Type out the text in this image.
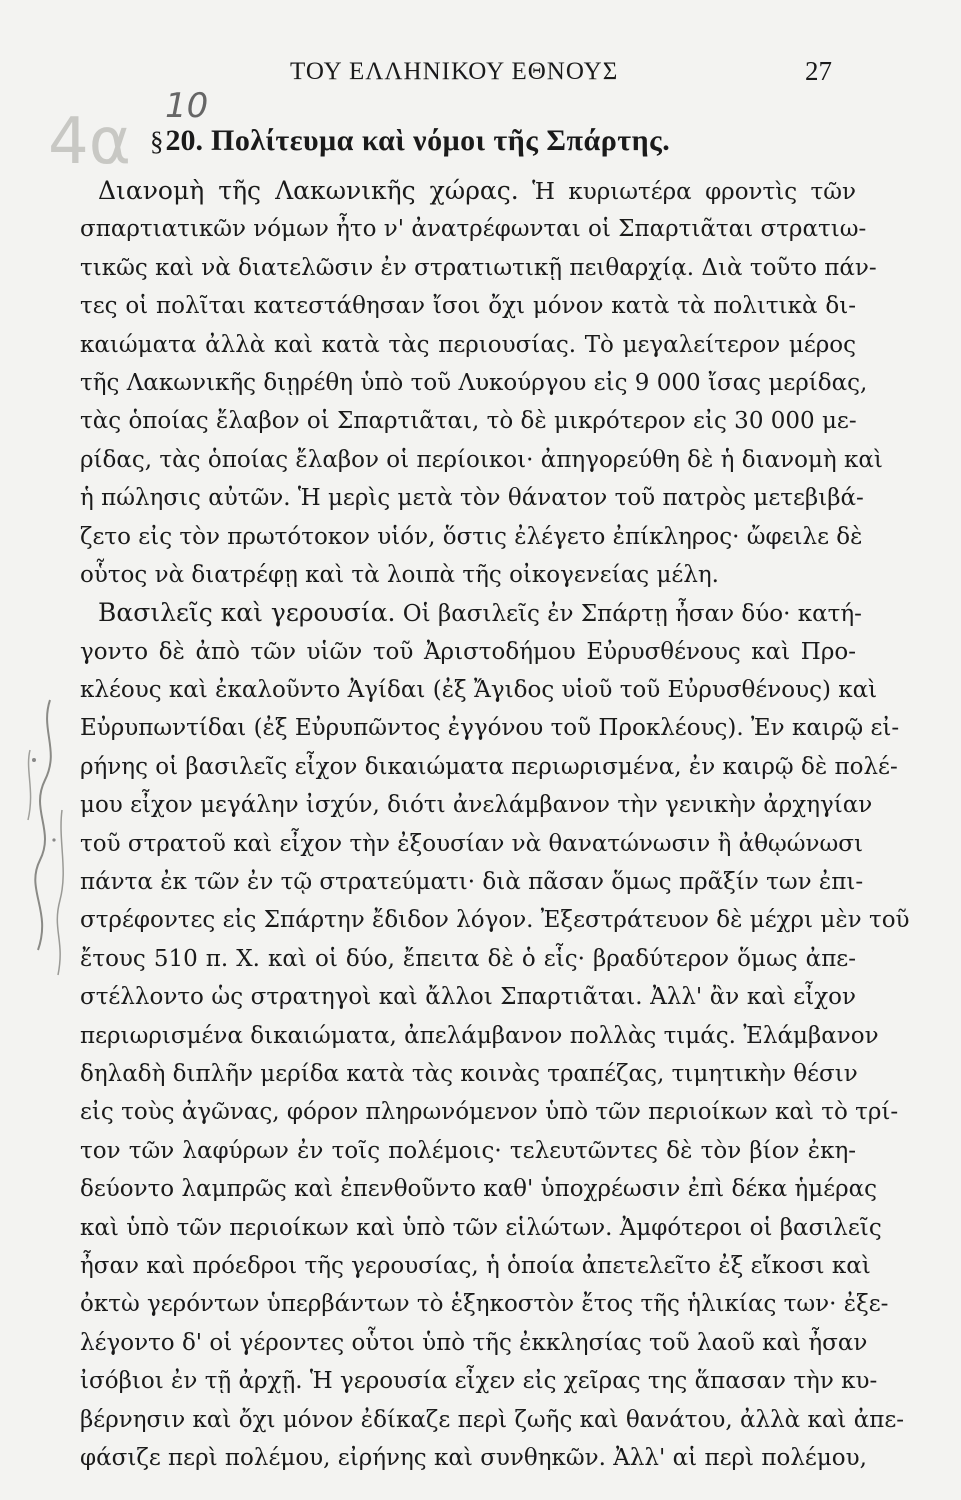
4α 10
ΤΟΥ ΕΛΛΗΝΙΚΟΥ ΕΘΝΟΥΣ	27
§20. Πολίτευμα καὶ νόμοι τῆς Σπάρτης.
Διανομὴ τῆς Λακωνικῆς χώρας. Ἡ κυριωτέρα φροντὶς τῶν
σπαρτιατικῶν νόμων ἦτο ν' ἀνατρέφωνται οἱ Σπαρτιᾶται στρατιω-
τικῶς καὶ νὰ διατελῶσιν ἐν στρατιωτικῇ πειθαρχίᾳ. Διὰ τοῦτο πάν-
τες οἱ πολῖται κατεστάθησαν ἴσοι ὄχι μόνον κατὰ τὰ πολιτικὰ δι-
καιώματα ἀλλὰ καὶ κατὰ τὰς περιουσίας. Τὸ μεγαλείτερον μέρος
τῆς Λακωνικῆς διῃρέθη ὑπὸ τοῦ Λυκούργου εἰς 9 000 ἴσας μερίδας,
τὰς ὁποίας ἔλαβον οἱ Σπαρτιᾶται, τὸ δὲ μικρότερον εἰς 30 000 με-
ρίδας, τὰς ὁποίας ἔλαβον οἱ περίοικοι· ἀπηγορεύθη δὲ ἡ διανομὴ καὶ
ἡ πώλησις αὐτῶν. Ἡ μερὶς μετὰ τὸν θάνατον τοῦ πατρὸς μετεβιβά-
ζετο εἰς τὸν πρωτότοκον υἱόν, ὅστις ἐλέγετο ἐπίκληρος· ὤφειλε δὲ
οὗτος νὰ διατρέφῃ καὶ τὰ λοιπὰ τῆς οἰκογενείας μέλη.
Βασιλεῖς καὶ γερουσία. Οἱ βασιλεῖς ἐν Σπάρτῃ ἦσαν δύο· κατή-
γοντο δὲ ἀπὸ τῶν υἱῶν τοῦ Ἀριστοδήμου Εὐρυσθένους καὶ Προ-
κλέους καὶ ἐκαλοῦντο Ἀγίδαι (ἐξ Ἄγιδος υἱοῦ τοῦ Εὐρυσθένους) καὶ
Εὐρυπωντίδαι (ἐξ Εὐρυπῶντος ἐγγόνου τοῦ Προκλέους). Ἐν καιρῷ εἰ-
ρήνης οἱ βασιλεῖς εἶχον δικαιώματα περιωρισμένα, ἐν καιρῷ δὲ πολέ-
μου εἶχον μεγάλην ἰσχύν, διότι ἀνελάμβανον τὴν γενικὴν ἀρχηγίαν
τοῦ στρατοῦ καὶ εἶχον τὴν ἐξουσίαν νὰ θανατώνωσιν ἢ ἀθῳώνωσι
πάντα ἐκ τῶν ἐν τῷ στρατεύματι· διὰ πᾶσαν ὅμως πρᾶξίν των ἐπι-
στρέφοντες εἰς Σπάρτην ἔδιδον λόγον. Ἐξεστράτευον δὲ μέχρι μὲν τοῦ
ἔτους 510 π. Χ. καὶ οἱ δύο, ἔπειτα δὲ ὁ εἷς· βραδύτερον ὅμως ἀπε-
στέλλοντο ὡς στρατηγοὶ καὶ ἄλλοι Σπαρτιᾶται. Ἀλλ' ἂν καὶ εἶχον
περιωρισμένα δικαιώματα, ἀπελάμβανον πολλὰς τιμάς. Ἐλάμβανον
δηλαδὴ διπλῆν μερίδα κατὰ τὰς κοινὰς τραπέζας, τιμητικὴν θέσιν
εἰς τοὺς ἀγῶνας, φόρον πληρωνόμενον ὑπὸ τῶν περιοίκων καὶ τὸ τρί-
τον τῶν λαφύρων ἐν τοῖς πολέμοις· τελευτῶντες δὲ τὸν βίον ἐκη-
δεύοντο λαμπρῶς καὶ ἐπενθοῦντο καθ' ὑποχρέωσιν ἐπὶ δέκα ἡμέρας
καὶ ὑπὸ τῶν περιοίκων καὶ ὑπὸ τῶν εἱλώτων. Ἀμφότεροι οἱ βασιλεῖς
ἦσαν καὶ πρόεδροι τῆς γερουσίας, ἡ ὁποία ἀπετελεῖτο ἐξ εἴκοσι καὶ
ὀκτὼ γερόντων ὑπερβάντων τὸ ἑξηκοστὸν ἔτος τῆς ἡλικίας των· ἐξε-
λέγοντο δ' οἱ γέροντες οὗτοι ὑπὸ τῆς ἐκκλησίας τοῦ λαοῦ καὶ ἦσαν
ἰσόβιοι ἐν τῇ ἀρχῇ. Ἡ γερουσία εἶχεν εἰς χεῖρας της ἅπασαν τὴν κυ-
βέρνησιν καὶ ὄχι μόνον ἐδίκαζε περὶ ζωῆς καὶ θανάτου, ἀλλὰ καὶ ἀπε-
φάσιζε περὶ πολέμου, εἰρήνης καὶ συνθηκῶν. Ἀλλ' αἱ περὶ πολέμου,
